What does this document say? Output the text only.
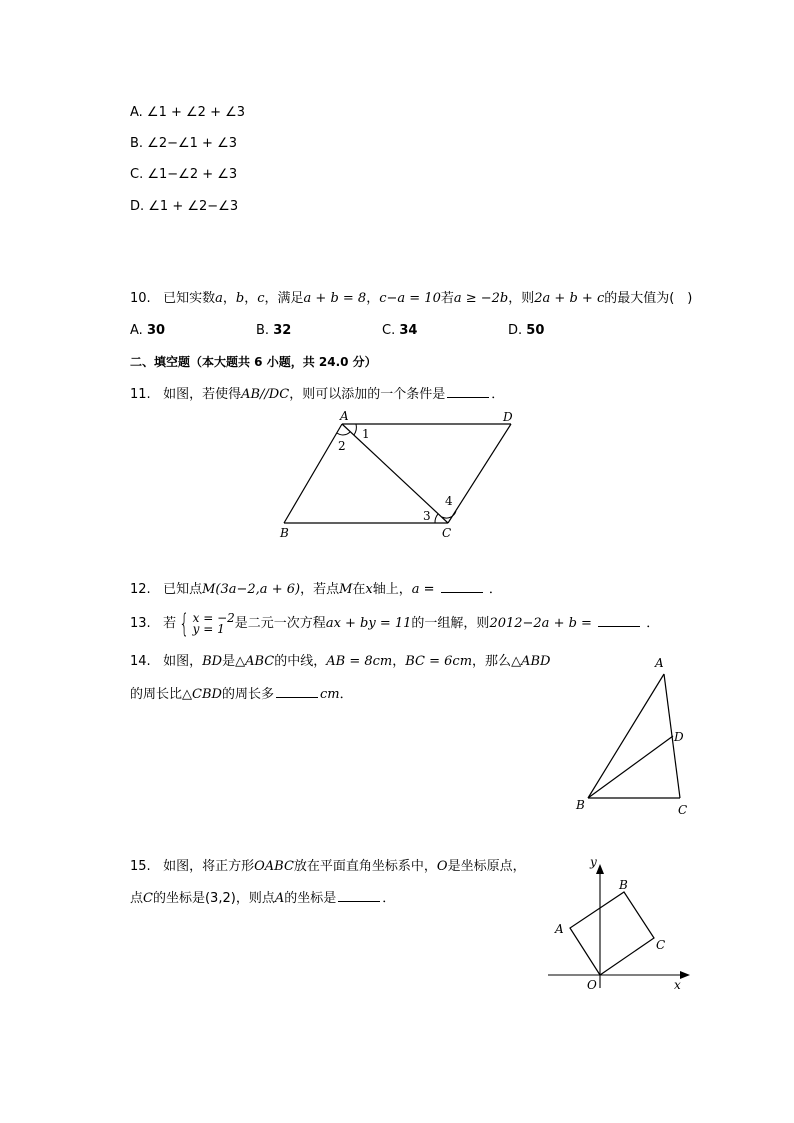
A. ∠1 + ∠2 + ∠3
B. ∠2−∠1 + ∠3
C. ∠1−∠2 + ∠3
D. ∠1 + ∠2−∠3
10. 已知实数a，b，c，满足a + b = 8，c−a = 10若a ≥ −2b，则2a + b + c的最大值为(　)
A. 30	B. 32	C. 34	D. 50
二、填空题（本大题共 6 小题，共 24.0 分）
11. 如图，若使得AB//DC，则可以添加的一个条件是	．
A	D
B	C
1
2
3
4
12. 已知点M(3a−2,a + 6)，若点M在x轴上，a =	．
13. 若 { x = −2
y = 1 是二元一次方程ax + by = 11的一组解，则2012−2a + b =	．
14. 如图，BD是△ABC的中线，AB = 8cm，BC = 6cm，那么△ABD
的周长比△CBD的周长多	cm．
A
D
B	C
15. 如图，将正方形OABC放在平面直角坐标系中，O是坐标原点，
点C的坐标是(3,2)，则点A的坐标是	．
y
x
O
A
B
C
